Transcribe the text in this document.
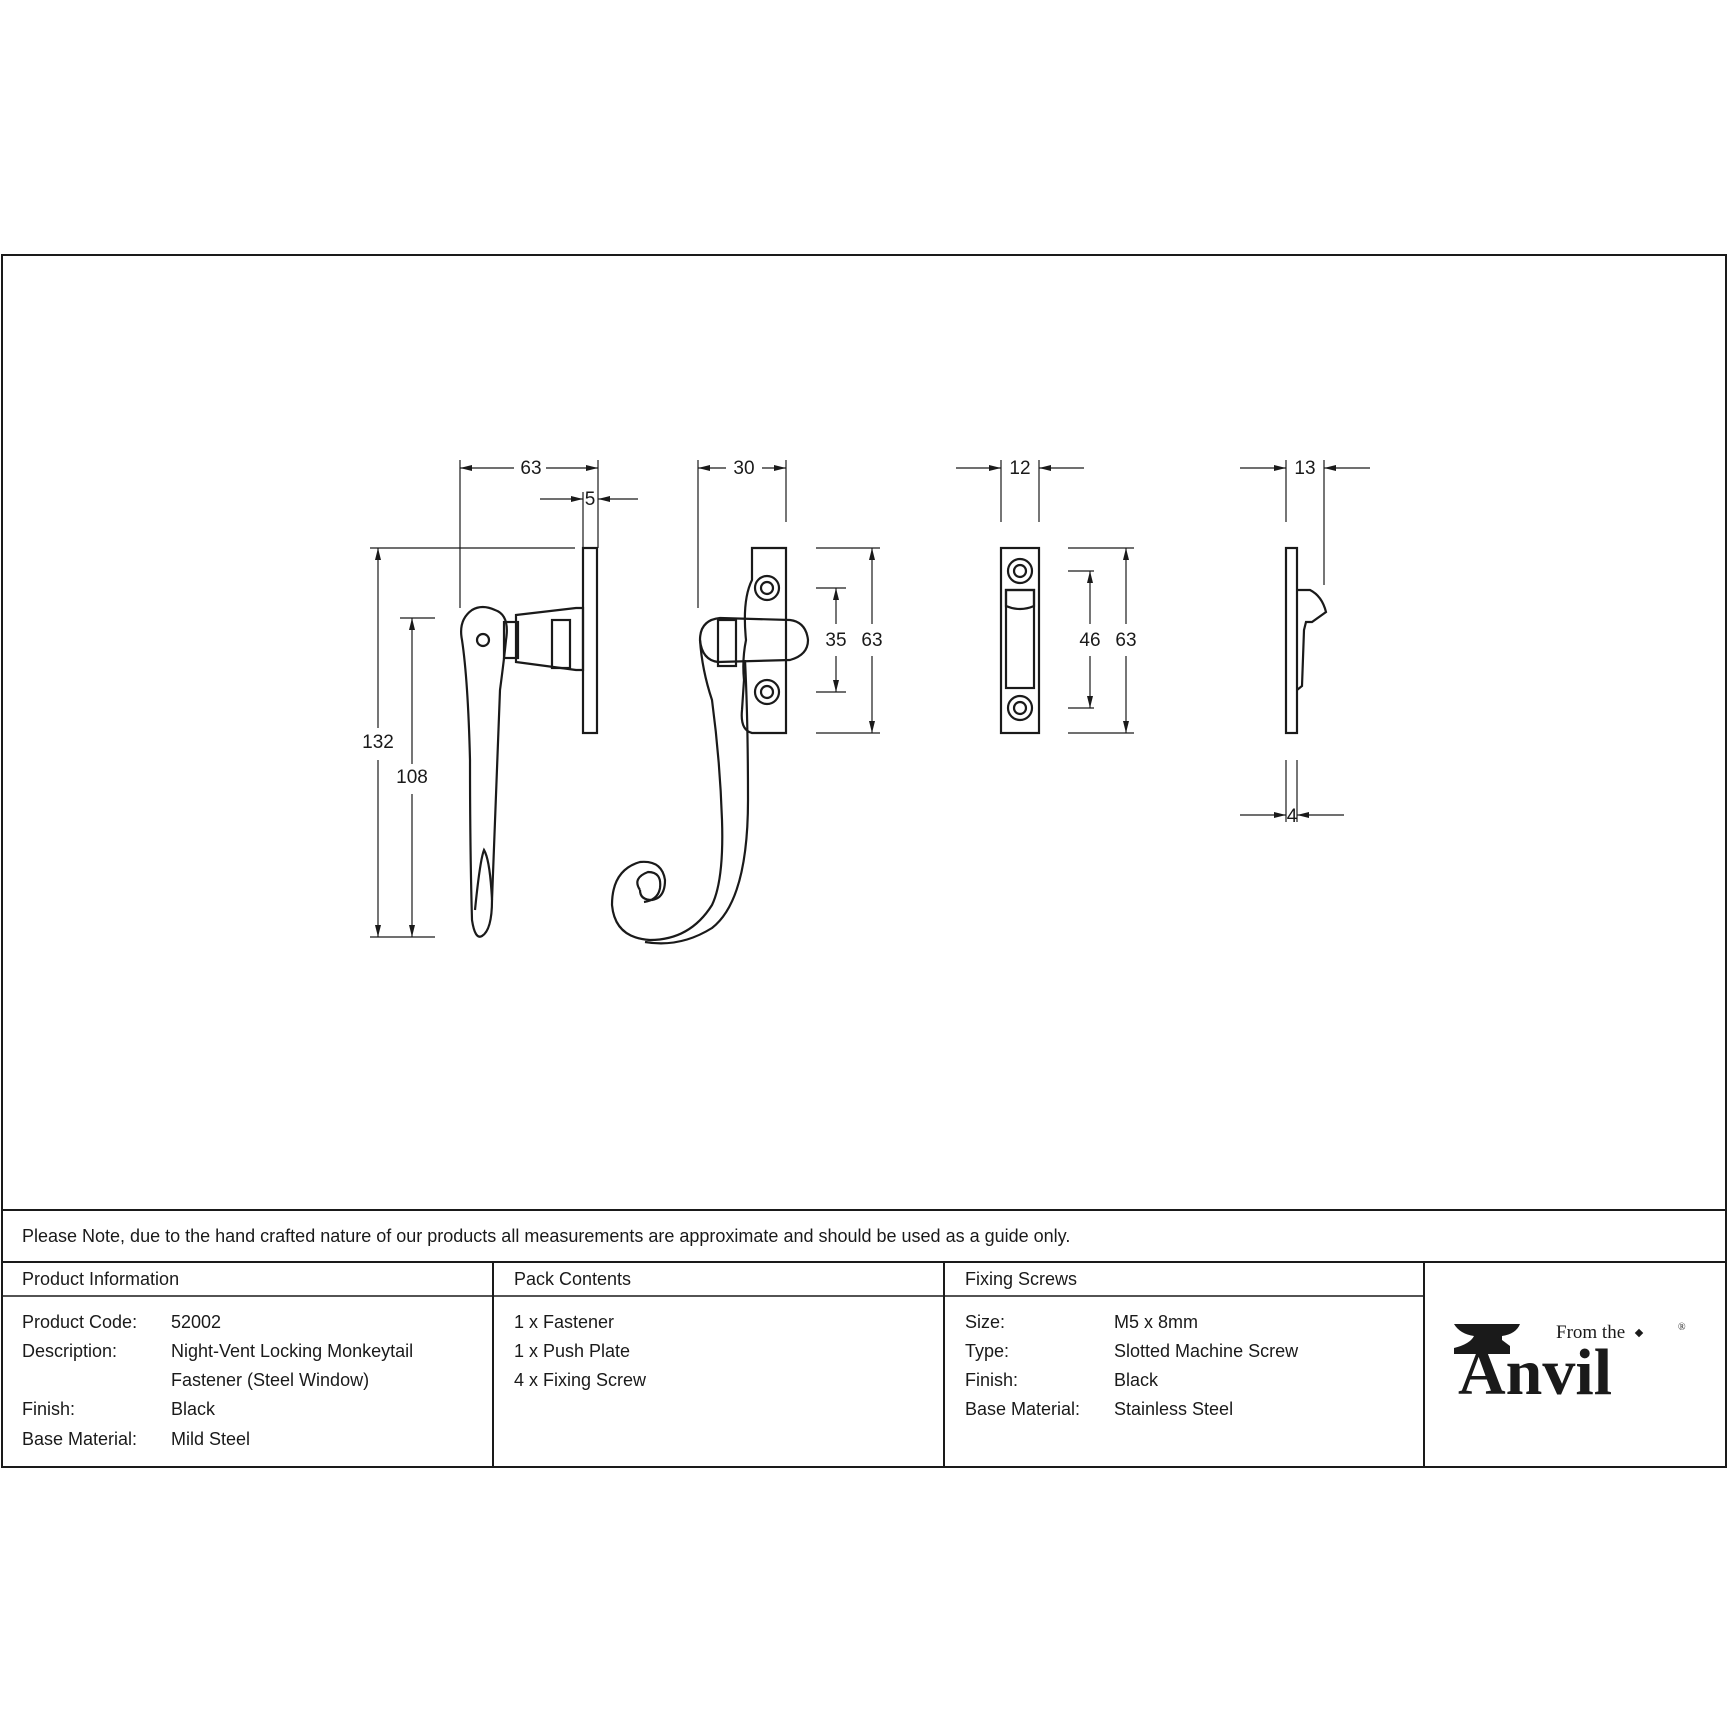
63
5
132
108
30
35 63
12
46 63
13
4
Please Note, due to the hand crafted nature of our products all measurements are approximate and should be used as a guide only.
Product Information	Pack Contents	Fixing Screws
Product Code: 52002
Description:	Night-Vent Locking Monkeytail
Fastener (Steel Window)
Finish:	Black
Base Material: Mild Steel
1 x Fastener
1 x Push Plate
4 x Fixing Screw
Size:	M5 x 8mm
Type:	Slotted Machine Screw
Finish:	Black
Base Material: Stainless Steel	Anvil
From the	®
